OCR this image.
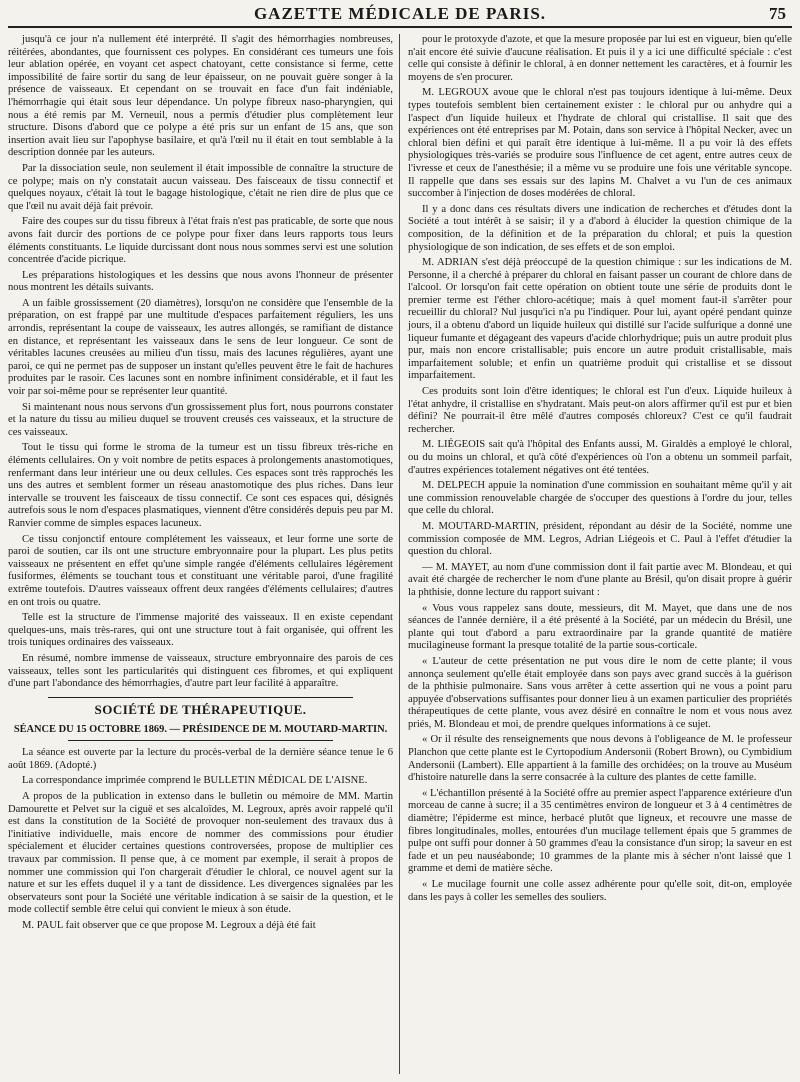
GAZETTE MÉDICALE DE PARIS.	75

jusqu'à ce jour n'a nullement été interprété. Il s'agit des hémorrhagies nombreuses, réitérées, abondantes, que fournissent ces polypes. En considérant ces tumeurs une fois leur ablation opérée, en voyant cet aspect chatoyant, cette consistance si ferme, cette impossibilité de faire sortir du sang de leur épaisseur, on ne pouvait guère songer à la présence de vaisseaux. Et cependant on se trouvait en face d'un fait indéniable, l'hémorrhagie qui était sous leur dépendance. Un polype fibreux naso-pharyngien, qui nous a été remis par M. Verneuil, nous a permis d'étudier plus complètement leur structure. Disons d'abord que ce polype a été pris sur un enfant de 15 ans, que son insertion avait lieu sur l'apophyse basilaire, et qu'à l'œil nu il était en tout semblable à la description donnée par les auteurs.

Par la dissociation seule, non seulement il était impossible de connaître la structure de ce polype; mais on n'y constatait aucun vaisseau. Des faisceaux de tissu connectif et quelques noyaux, c'était là tout le bagage histologique, c'était ne rien dire de plus que ce que l'œil nu avait déjà fait prévoir.

Faire des coupes sur du tissu fibreux à l'état frais n'est pas praticable, de sorte que nous avons fait durcir des portions de ce polype pour fixer dans leurs rapports tous leurs éléments constituants. Le liquide durcissant dont nous nous sommes servi est une solution concentrée d'acide picrique.

Les préparations histologiques et les dessins que nous avons l'honneur de présenter nous montrent les détails suivants.

A un faible grossissement (20 diamètres), lorsqu'on ne considère que l'ensemble de la préparation, on est frappé par une multitude d'espaces parfaitement réguliers, les uns arrondis, représentant la coupe de vaisseaux, les autres allongés, se ramifiant de distance en distance, et représentant les vaisseaux dans le sens de leur longueur. Ce sont de véritables lacunes creusées au milieu d'un tissu, mais des lacunes régulières, ayant une paroi, ce qui ne permet pas de supposer un instant qu'elles peuvent être le fait de hachures produites par le rasoir. Ces lacunes sont en nombre infiniment considérable, et il faut les voir par soi-même pour se représenter leur quantité.

Si maintenant nous nous servons d'un grossissement plus fort, nous pourrons constater et la nature du tissu au milieu duquel se trouvent creusés ces vaisseaux, et la structure de ces vaisseaux.

Tout le tissu qui forme le stroma de la tumeur est un tissu fibreux très-riche en éléments cellulaires. On y voit nombre de petits espaces à prolongements anastomotiques, renfermant dans leur intérieur une ou deux cellules. Ces espaces sont très rapprochés les uns des autres et semblent former un réseau anastomotique des plus riches. Dans leur intervalle se trouvent les faisceaux de tissu connectif. Ce sont ces espaces qui, désignés autrefois sous le nom d'espaces plasmatiques, viennent d'être considérés depuis peu par M. Ranvier comme de simples espaces lacuneux.

Ce tissu conjonctif entoure complétement les vaisseaux, et leur forme une sorte de paroi de soutien, car ils ont une structure embryonnaire pour la plupart. Les plus petits vaisseaux ne présentent en effet qu'une simple rangée d'éléments cellulaires légèrement fusiformes, éléments se touchant tous et constituant une véritable paroi, d'une fragilité extrême toutefois. D'autres vaisseaux offrent deux rangées d'éléments cellulaires; d'autres en ont trois ou quatre.

Telle est la structure de l'immense majorité des vaisseaux. Il en existe cependant quelques-uns, mais très-rares, qui ont une structure tout à fait organisée, qui offrent les trois tuniques ordinaires des vaisseaux.

En résumé, nombre immense de vaisseaux, structure embryonnaire des parois de ces vaisseaux, telles sont les particularités qui distinguent ces fibromes, et qui expliquent d'une part l'abondance des hémorrhagies, d'autre part leur facilité à apparaître.

SOCIÉTÉ DE THÉRAPEUTIQUE.

SÉANCE DU 15 OCTOBRE 1869. — PRÉSIDENCE DE M. MOUTARD-MARTIN.

La séance est ouverte par la lecture du procès-verbal de la dernière séance tenue le 6 août 1869. (Adopté.)

La correspondance imprimée comprend le BULLETIN MÉDICAL DE L'AISNE.

A propos de la publication in extenso dans le bulletin ou mémoire de MM. Martin Damourette et Pelvet sur la ciguë et ses alcaloïdes, M. Legroux, après avoir rappelé qu'il est dans la constitution de la Société de provoquer non-seulement des travaux dus à l'initiative individuelle, mais encore de nommer des commissions pour étudier spécialement et élucider certaines questions controversées, propose de multiplier ces travaux par commission. Il pense que, à ce moment par exemple, il serait à propos de nommer une commission qui l'on chargerait d'étudier le chloral, ce nouvel agent sur la nature et sur les effets duquel il y a tant de dissidence. Les divergences signalées par les observateurs sont pour la Société une véritable indication à se saisir de la question, et le mode collectif semble être celui qui convient le mieux à son étude.

M. PAUL fait observer que ce que propose M. Legroux a déjà été fait

pour le protoxyde d'azote, et que la mesure proposée par lui est en vigueur, bien qu'elle n'ait encore été suivie d'aucune réalisation. Et puis il y a ici une difficulté spéciale : c'est celle qui consiste à définir le chloral, à en donner nettement les caractères, et à fournir les moyens de s'en procurer.

M. LEGROUX avoue que le chloral n'est pas toujours identique à lui-même. Deux types toutefois semblent bien certainement exister : le chloral pur ou anhydre qui a l'aspect d'un liquide huileux et l'hydrate de chloral qui cristallise. Il sait que des expériences ont été entreprises par M. Potain, dans son service à l'hôpital Necker, avec un chloral bien défini et qui paraît être identique à lui-même. Il a pu voir là des effets physiologiques très-variés se produire sous l'influence de cet agent, entre autres ceux de l'ivresse et ceux de l'anesthésie; il a même vu se produire une fois une véritable syncope. Il rappelle que dans ses essais sur des lapins M. Chalvet a vu l'un de ces animaux succomber à l'injection de doses modérées de chloral.

Il y a donc dans ces résultats divers une indication de recherches et d'études dont la Société a tout intérêt à se saisir; il y a d'abord à élucider la question chimique de la composition, de la définition et de la préparation du chloral; et puis la question physiologique de son indication, de ses effets et de son emploi.

M. ADRIAN s'est déjà préoccupé de la question chimique : sur les indications de M. Personne, il a cherché à préparer du chloral en faisant passer un courant de chlore dans de l'alcool. Or lorsqu'on fait cette opération on obtient toute une série de produits dont le premier terme est l'éther chloro-acétique; mais à quel moment faut-il s'arrêter pour recueillir du chloral? Nul jusqu'ici n'a pu l'indiquer. Pour lui, ayant opéré pendant quinze jours, il a obtenu d'abord un liquide huileux qui distillé sur l'acide sulfurique a donné une liqueur fumante et dégageant des vapeurs d'acide chlorhydrique; puis un autre produit plus pur, mais non encore cristallisable; puis encore un autre produit cristallisable, mais imparfaitement soluble; et enfin un quatrième produit qui cristallise et se dissout imparfaitement.

Ces produits sont loin d'être identiques; le chloral est l'un d'eux. Liquide huileux à l'état anhydre, il cristallise en s'hydratant. Mais peut-on alors affirmer qu'il est pur et bien défini? Ne pourrait-il être mêlé d'autres composés chloreux? C'est ce qu'il faudrait rechercher.

M. LIÉGEOIS sait qu'à l'hôpital des Enfants aussi, M. Giraldès a employé le chloral, ou du moins un chloral, et qu'à côté d'expériences où l'on a obtenu un sommeil parfait, d'autres expériences totalement négatives ont été tentées.

M. DELPECH appuie la nomination d'une commission en souhaitant même qu'il y ait une commission renouvelable chargée de s'occuper des questions à l'ordre du jour, telles que celle du chloral.

M. MOUTARD-MARTIN, président, répondant au désir de la Société, nomme une commission composée de MM. Legros, Adrian Liégeois et C. Paul à l'effet d'étudier la question du chloral.

— M. MAYET, au nom d'une commission dont il fait partie avec M. Blondeau, et qui avait été chargée de rechercher le nom d'une plante au Brésil, qu'on disait propre à guérir la phthisie, donne lecture du rapport suivant :

« Vous vous rappelez sans doute, messieurs, dit M. Mayet, que dans une de nos séances de l'année dernière, il a été présenté à la Société, par un médecin du Brésil, une plante qui tout d'abord a paru extraordinaire par la grande quantité de matière mucilagineuse formant la presque totalité de la partie sous-corticale.

« L'auteur de cette présentation ne put vous dire le nom de cette plante; il vous annonça seulement qu'elle était employée dans son pays avec grand succès à la guérison de la phthisie pulmonaire. Sans vous arrêter à cette assertion qui ne vous a point paru appuyée d'observations suffisantes pour donner lieu à un examen particulier des propriétés thérapeutiques de cette plante, vous avez désiré en connaître le nom et vous nous avez priés, M. Blondeau et moi, de prendre quelques informations à ce sujet.

« Or il résulte des renseignements que nous devons à l'obligeance de M. le professeur Planchon que cette plante est le Cyrtopodium Andersonii (Robert Brown), ou Cymbidium Andersonii (Lambert). Elle appartient à la famille des orchidées; on la trouve au Muséum d'histoire naturelle dans la serre consacrée à la culture des plantes de cette famille.

« L'échantillon présenté à la Société offre au premier aspect l'apparence extérieure d'un morceau de canne à sucre; il a 35 centimètres environ de longueur et 3 à 4 centimètres de diamètre; l'épiderme est mince, herbacé plutôt que ligneux, et recouvre une masse de fibres longitudinales, molles, entourées d'un mucilage tellement épais que 5 grammes de pulpe ont suffi pour donner à 50 grammes d'eau la consistance d'un sirop; la saveur en est fade et un peu nauséabonde; 10 grammes de la plante mis à sécher n'ont laissé que 1 gramme et demi de matière sèche.

« Le mucilage fournit une colle assez adhérente pour qu'elle soit, dit-on, employée dans les pays à coller les semelles des souliers.
